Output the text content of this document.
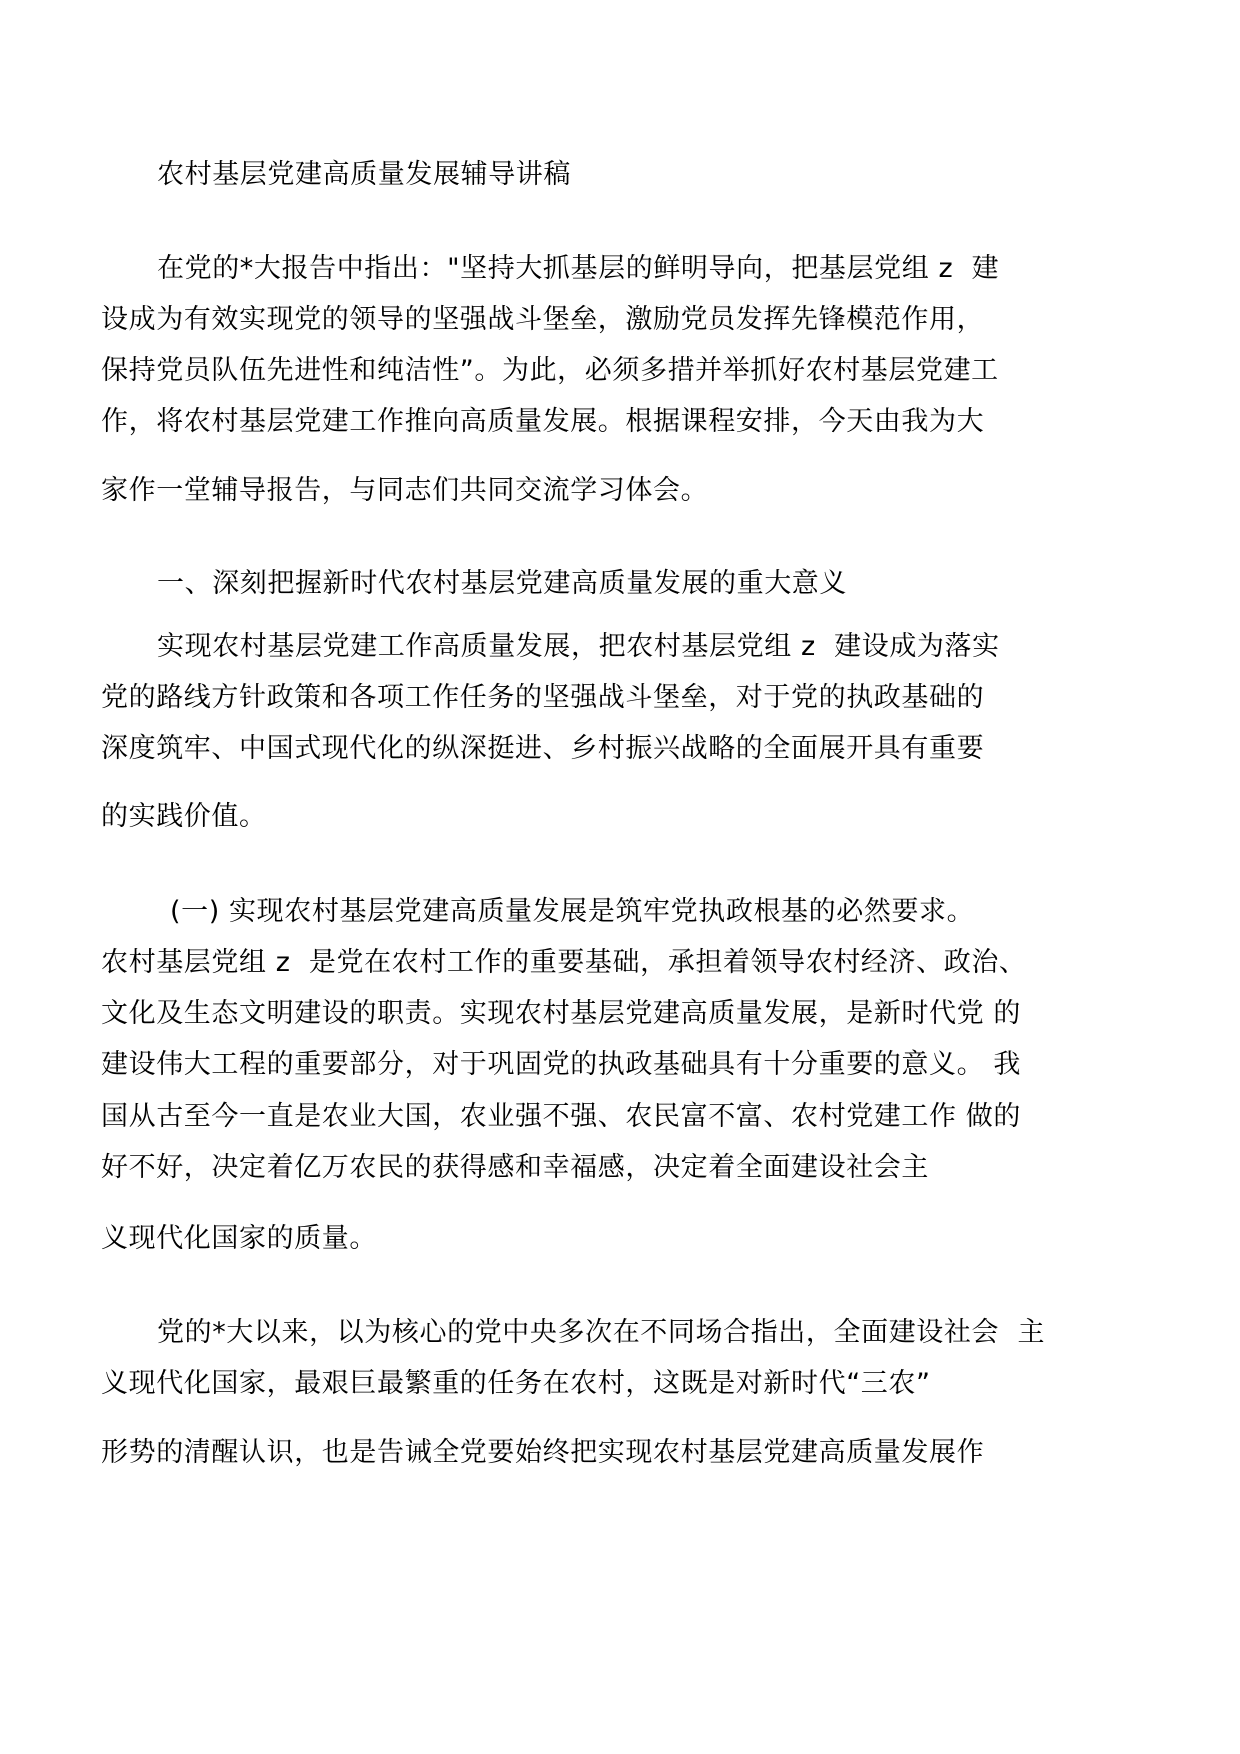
农村基层党建高质量发展辅导讲稿

在党的*大报告中指出："坚持大抓基层的鲜明导向，把基层党组 z  建

设成为有效实现党的领导的坚强战斗堡垒，激励党员发挥先锋模范作用，

保持党员队伍先进性和纯洁性”。为此，必须多措并举抓好农村基层党建工

作，将农村基层党建工作推向高质量发展。根据课程安排，今天由我为大

家作一堂辅导报告，与同志们共同交流学习体会。

一、深刻把握新时代农村基层党建高质量发展的重大意义

实现农村基层党建工作高质量发展，把农村基层党组 z  建设成为落实

党的路线方针政策和各项工作任务的坚强战斗堡垒，对于党的执政基础的

深度筑牢、中国式现代化的纵深挺进、乡村振兴战略的全面展开具有重要

的实践价值。

(一) 实现农村基层党建高质量发展是筑牢党执政根基的必然要求。

农村基层党组 z  是党在农村工作的重要基础，承担着领导农村经济、政治、

文化及生态文明建设的职责。实现农村基层党建高质量发展，是新时代党 的

建设伟大工程的重要部分，对于巩固党的执政基础具有十分重要的意义。 我

国从古至今一直是农业大国，农业强不强、农民富不富、农村党建工作 做的

好不好，决定着亿万农民的获得感和幸福感，决定着全面建设社会主

义现代化国家的质量。

党的*大以来，以为核心的党中央多次在不同场合指出，全面建设社会  主

义现代化国家，最艰巨最繁重的任务在农村，这既是对新时代“三农”

形势的清醒认识，也是告诫全党要始终把实现农村基层党建高质量发展作
